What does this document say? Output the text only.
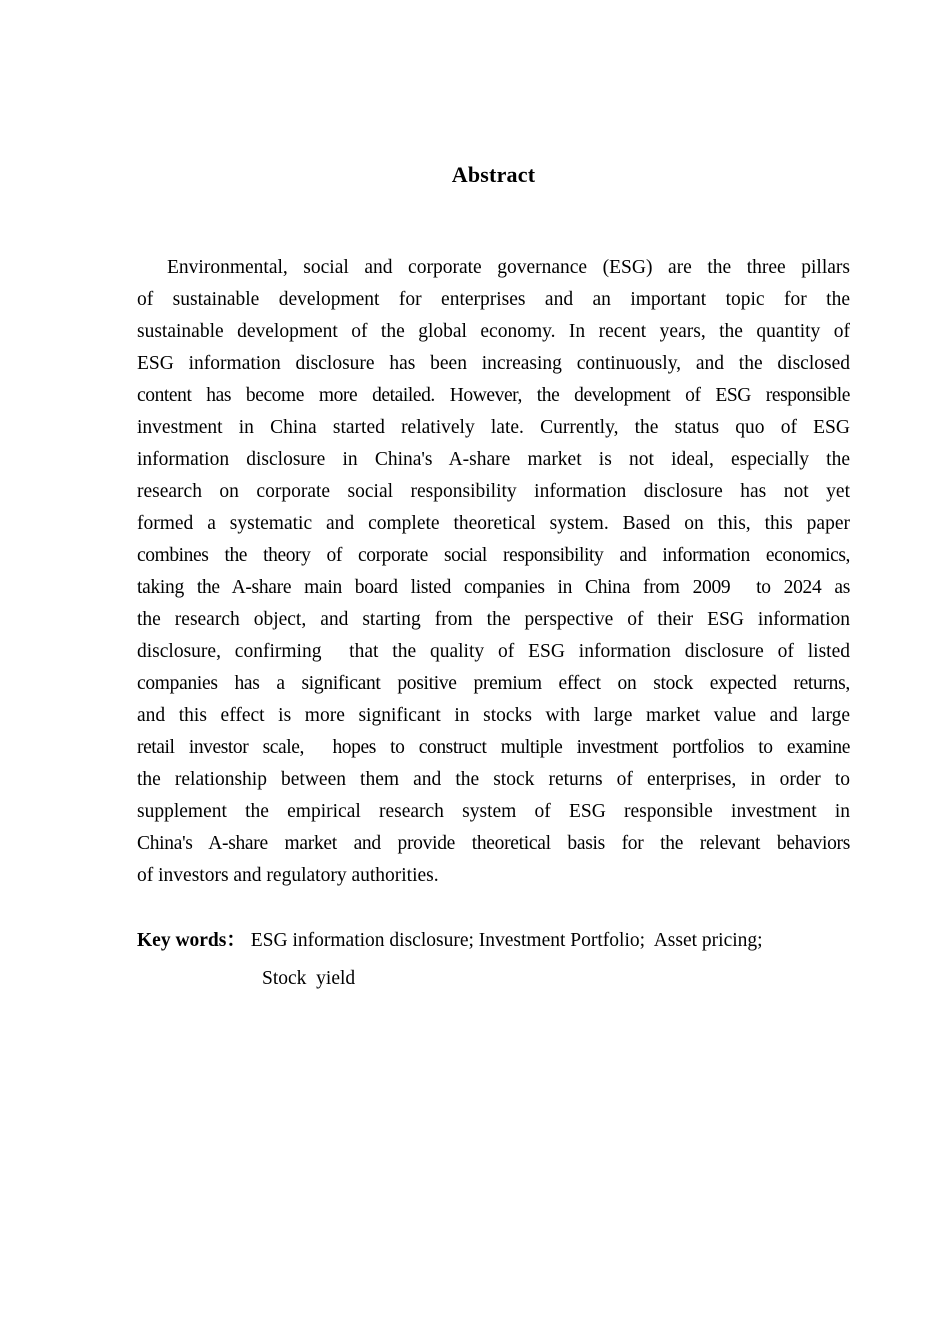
Abstract
Environmental, social and corporate governance (ESG) are the three pillars
of sustainable development for enterprises and an important topic for the
sustainable development of the global economy. In recent years, the quantity of
ESG information disclosure has been increasing continuously, and the disclosed
content has become more detailed. However, the development of ESG responsible
investment in China started relatively late. Currently, the status quo of ESG
information disclosure in China's A-share market is not ideal, especially the
research on corporate social responsibility information disclosure has not yet
formed a systematic and complete theoretical system. Based on this, this paper
combines the theory of corporate social responsibility and information economics,
taking the A-share main board listed companies in China from 2009  to 2024 as
the research object, and starting from the perspective of their ESG information
disclosure, confirming  that the quality of ESG information disclosure of listed
companies has a significant positive premium effect on stock expected returns,
and this effect is more significant in stocks with large market value and large
retail investor scale,  hopes to construct multiple investment portfolios to examine
the relationship between them and the stock returns of enterprises, in order to
supplement the empirical research system of ESG responsible investment in
China's A-share market and provide theoretical basis for the relevant behaviors
of investors and regulatory authorities.
Key words： ESG information disclosure; Investment Portfolio;  Asset pricing;
Stock  yield
